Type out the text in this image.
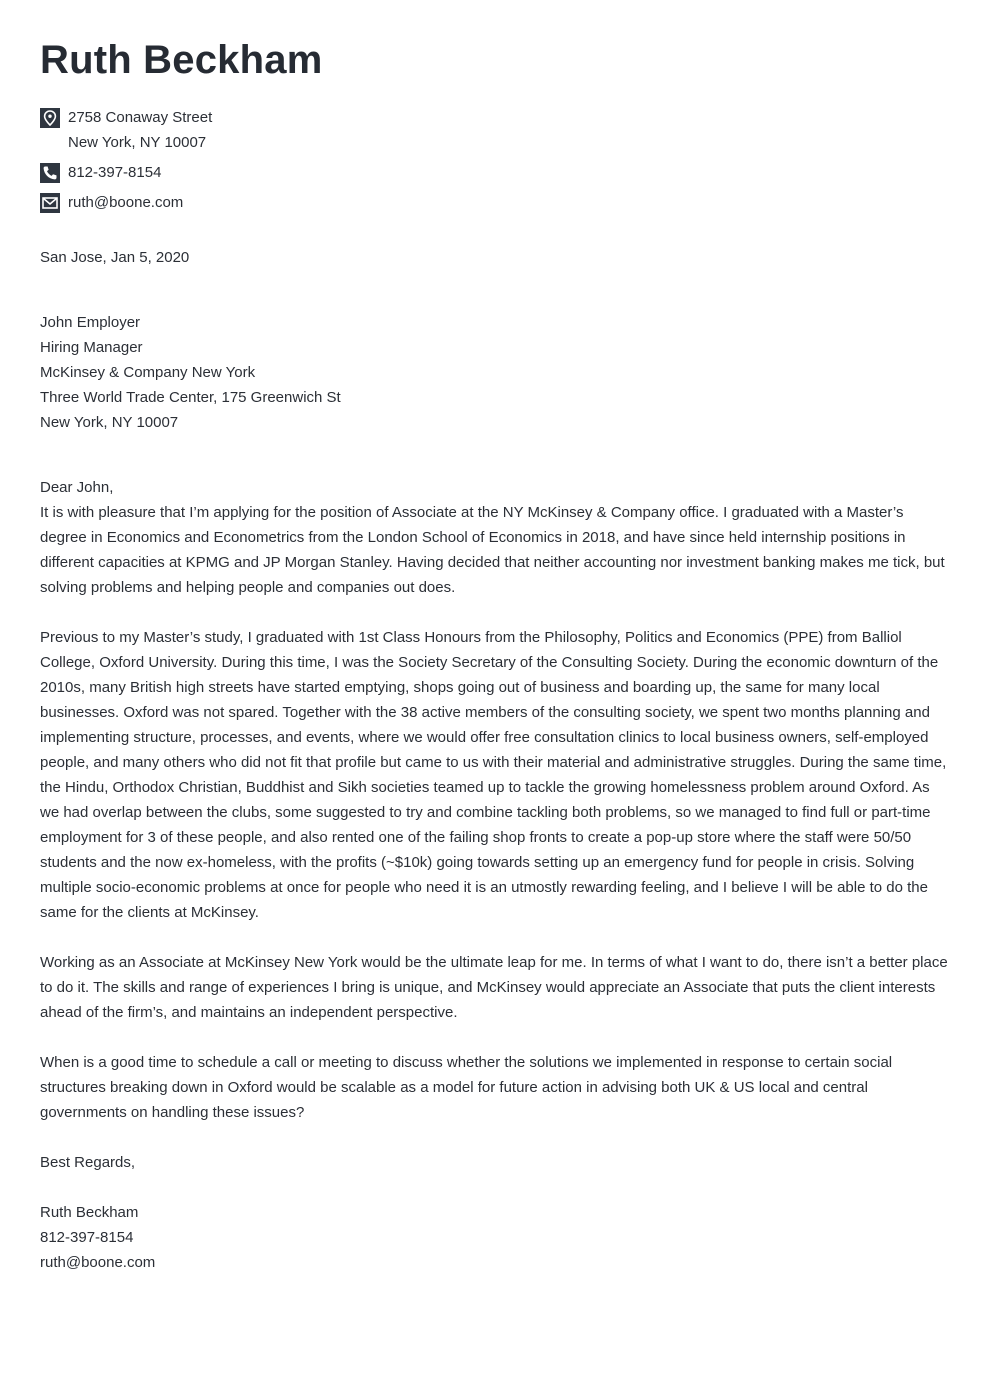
Ruth Beckham
2758 Conaway Street
New York, NY 10007
812-397-8154
ruth@boone.com
San Jose, Jan 5, 2020
John Employer
Hiring Manager
McKinsey & Company New York
Three World Trade Center, 175 Greenwich St
New York, NY 10007

Dear John,

It is with pleasure that I’m applying for the position of Associate at the NY McKinsey & Company office. I graduated with a Master’s degree in Economics and Econometrics from the London School of Economics in 2018, and have since held internship positions in different capacities at KPMG and JP Morgan Stanley. Having decided that neither accounting nor investment banking makes me tick, but solving problems and helping people and companies out does.

Previous to my Master’s study, I graduated with 1st Class Honours from the Philosophy, Politics and Economics (PPE) from Balliol College, Oxford University. During this time, I was the Society Secretary of the Consulting Society. During the economic downturn of the 2010s, many British high streets have started emptying, shops going out of business and boarding up, the same for many local businesses. Oxford was not spared. Together with the 38 active members of the consulting society, we spent two months planning and implementing structure, processes, and events, where we would offer free consultation clinics to local business owners, self-employed people, and many others who did not fit that profile but came to us with their material and administrative struggles. During the same time, the Hindu, Orthodox Christian, Buddhist and Sikh societies teamed up to tackle the growing homelessness problem around Oxford. As we had overlap between the clubs, some suggested to try and combine tackling both problems, so we managed to find full or part-time employment for 3 of these people, and also rented one of the failing shop fronts to create a pop-up store where the staff were 50/50 students and the now ex-homeless, with the profits (~$10k) going towards setting up an emergency fund for people in crisis. Solving multiple socio-economic problems at once for people who need it is an utmostly rewarding feeling, and I believe I will be able to do the same for the clients at McKinsey.

Working as an Associate at McKinsey New York would be the ultimate leap for me. In terms of what I want to do, there isn’t a better place to do it. The skills and range of experiences I bring is unique, and McKinsey would appreciate an Associate that puts the client interests ahead of the firm’s, and maintains an independent perspective.

When is a good time to schedule a call or meeting to discuss whether the solutions we implemented in response to certain social structures breaking down in Oxford would be scalable as a model for future action in advising both UK & US local and central governments on handling these issues?

Best Regards,
Ruth Beckham
812-397-8154
ruth@boone.com
